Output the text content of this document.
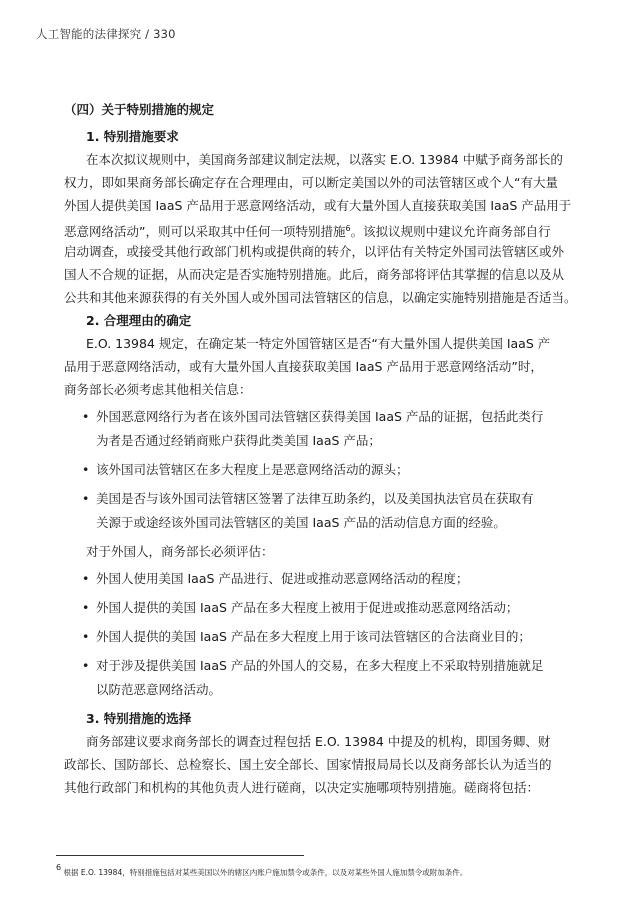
人工智能的法律探究 / 330
（四）关于特别措施的规定
1. 特别措施要求
在本次拟议规则中，美国商务部建议制定法规，以落实 E.O. 13984 中赋予商务部长的
权力，即如果商务部长确定存在合理理由，可以断定美国以外的司法管辖区或个人“有大量
外国人提供美国 IaaS 产品用于恶意网络活动，或有大量外国人直接获取美国 IaaS 产品用于
恶意网络活动”，则可以采取其中任何一项特别措施$^6$。该拟议规则中建议允许商务部自行
启动调查，或接受其他行政部门机构或提供商的转介，以评估有关特定外国司法管辖区或外
国人不合规的证据，从而决定是否实施特别措施。此后，商务部将评估其掌握的信息以及从
公共和其他来源获得的有关外国人或外国司法管辖区的信息，以确定实施特别措施是否适当。
2. 合理理由的确定
E.O. 13984 规定，在确定某一特定外国管辖区是否“有大量外国人提供美国 IaaS 产
品用于恶意网络活动，或有大量外国人直接获取美国 IaaS 产品用于恶意网络活动”时，
商务部长必须考虑其他相关信息：
• 外国恶意网络行为者在该外国司法管辖区获得美国 IaaS 产品的证据，包括此类行
为者是否通过经销商账户获得此类美国 IaaS 产品；
• 该外国司法管辖区在多大程度上是恶意网络活动的源头；
• 美国是否与该外国司法管辖区签署了法律互助条约，以及美国执法官员在获取有
关源于或途经该外国司法管辖区的美国 IaaS 产品的活动信息方面的经验。
对于外国人，商务部长必须评估：
• 外国人使用美国 IaaS 产品进行、促进或推动恶意网络活动的程度；
• 外国人提供的美国 IaaS 产品在多大程度上被用于促进或推动恶意网络活动；
• 外国人提供的美国 IaaS 产品在多大程度上用于该司法管辖区的合法商业目的；
• 对于涉及提供美国 IaaS 产品的外国人的交易，在多大程度上不采取特别措施就足
以防范恶意网络活动。
3. 特别措施的选择
商务部建议要求商务部长的调查过程包括 E.O. 13984 中提及的机构，即国务卿、财
政部长、国防部长、总检察长、国土安全部长、国家情报局局长以及商务部长认为适当的
其他行政部门和机构的其他负责人进行磋商，以决定实施哪项特别措施。磋商将包括：
$^6$ 根据 E.O. 13984，特别措施包括对某些美国以外的辖区内账户施加禁令或条件，以及对某些外国人施加禁令或附加条件。
